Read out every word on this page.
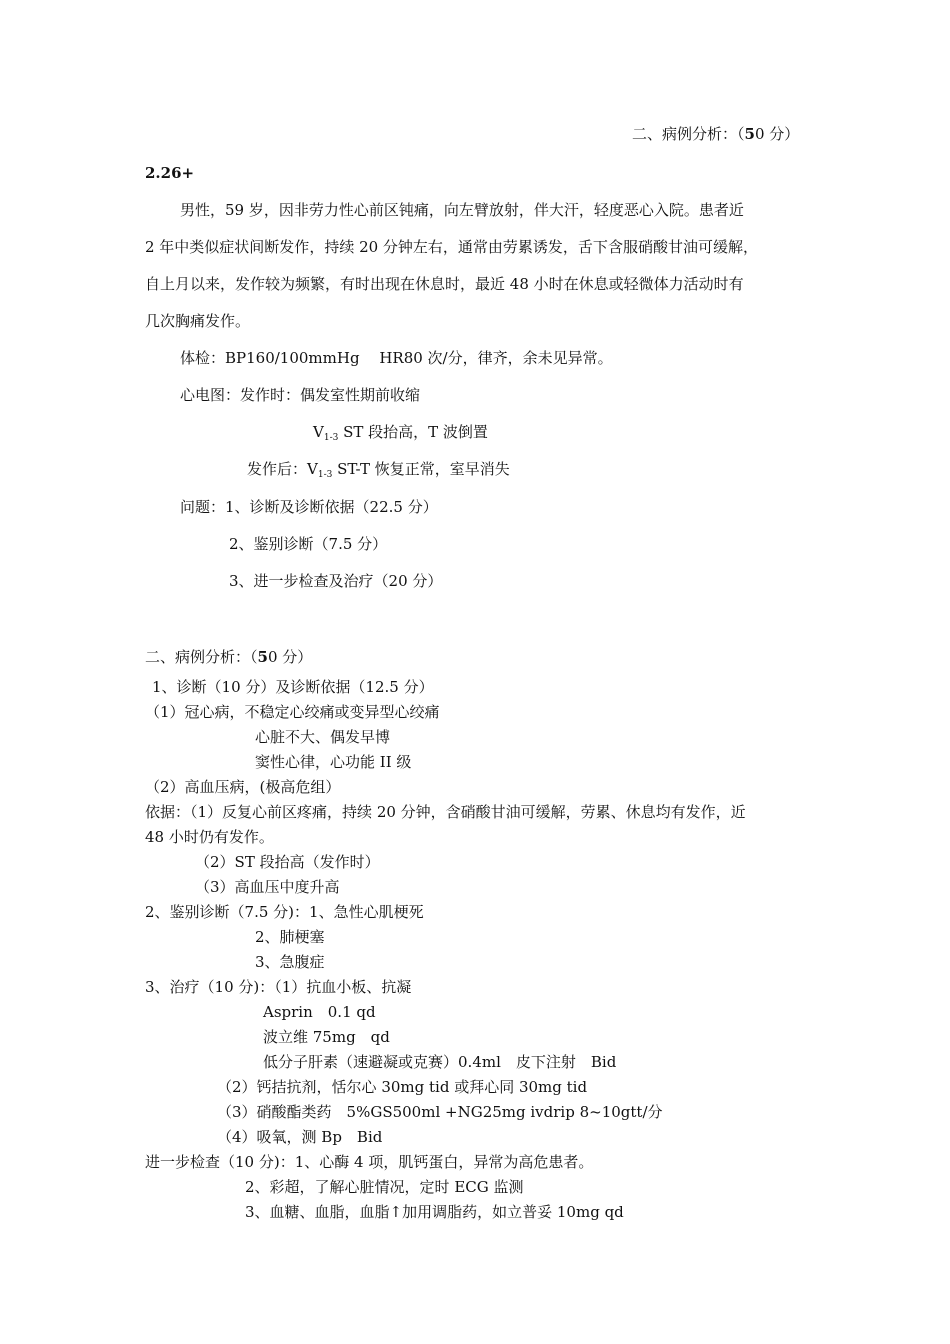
二、病例分析：（50 分）
2.26+
男性，59 岁，因非劳力性心前区钝痛，向左臂放射，伴大汗，轻度恶心入院。患者近
2 年中类似症状间断发作，持续 20 分钟左右，通常由劳累诱发，舌下含服硝酸甘油可缓解，
自上月以来，发作较为频繁，有时出现在休息时，最近 48 小时在休息或轻微体力活动时有
几次胸痛发作。
体检：BP160/100mmHg　 HR80 次/分，律齐，余未见异常。
心电图：发作时：偶发室性期前收缩
$V_{1-3}$ ST 段抬高，T 波倒置
发作后：$V_{1-3}$ ST-T 恢复正常，室早消失
问题：1、诊断及诊断依据（22.5 分）
2、鉴别诊断（7.5 分）
3、进一步检查及治疗（20 分）
二、病例分析：（50 分）
1、诊断（10 分）及诊断依据（12.5 分）
（1）冠心病，不稳定心绞痛或变异型心绞痛
心脏不大、偶发早博
窦性心律，心功能 II 级
（2）高血压病，(极高危组）
依据：（1）反复心前区疼痛，持续 20 分钟，含硝酸甘油可缓解，劳累、休息均有发作，近
48 小时仍有发作。
（2）ST 段抬高（发作时）
（3）高血压中度升高
2、鉴别诊断（7.5 分)：1、急性心肌梗死
2、肺梗塞
3、急腹症
3、治疗（10 分)：（1）抗血小板、抗凝
Asprin　0.1 qd
波立维 75mg　qd
低分子肝素（速避凝或克赛）0.4ml　皮下注射　Bid
（2）钙拮抗剂，恬尔心 30mg tid 或拜心同 30mg tid
（3）硝酸酯类药　5%GS500ml +NG25mg ivdrip 8~10gtt/分
（4）吸氧，测 Bp　Bid
进一步检查（10 分)：1、心酶 4 项，肌钙蛋白，异常为高危患者。
2、彩超，了解心脏情况，定时 ECG 监测
3、血糖、血脂，血脂↑加用调脂药，如立普妥 10mg qd
